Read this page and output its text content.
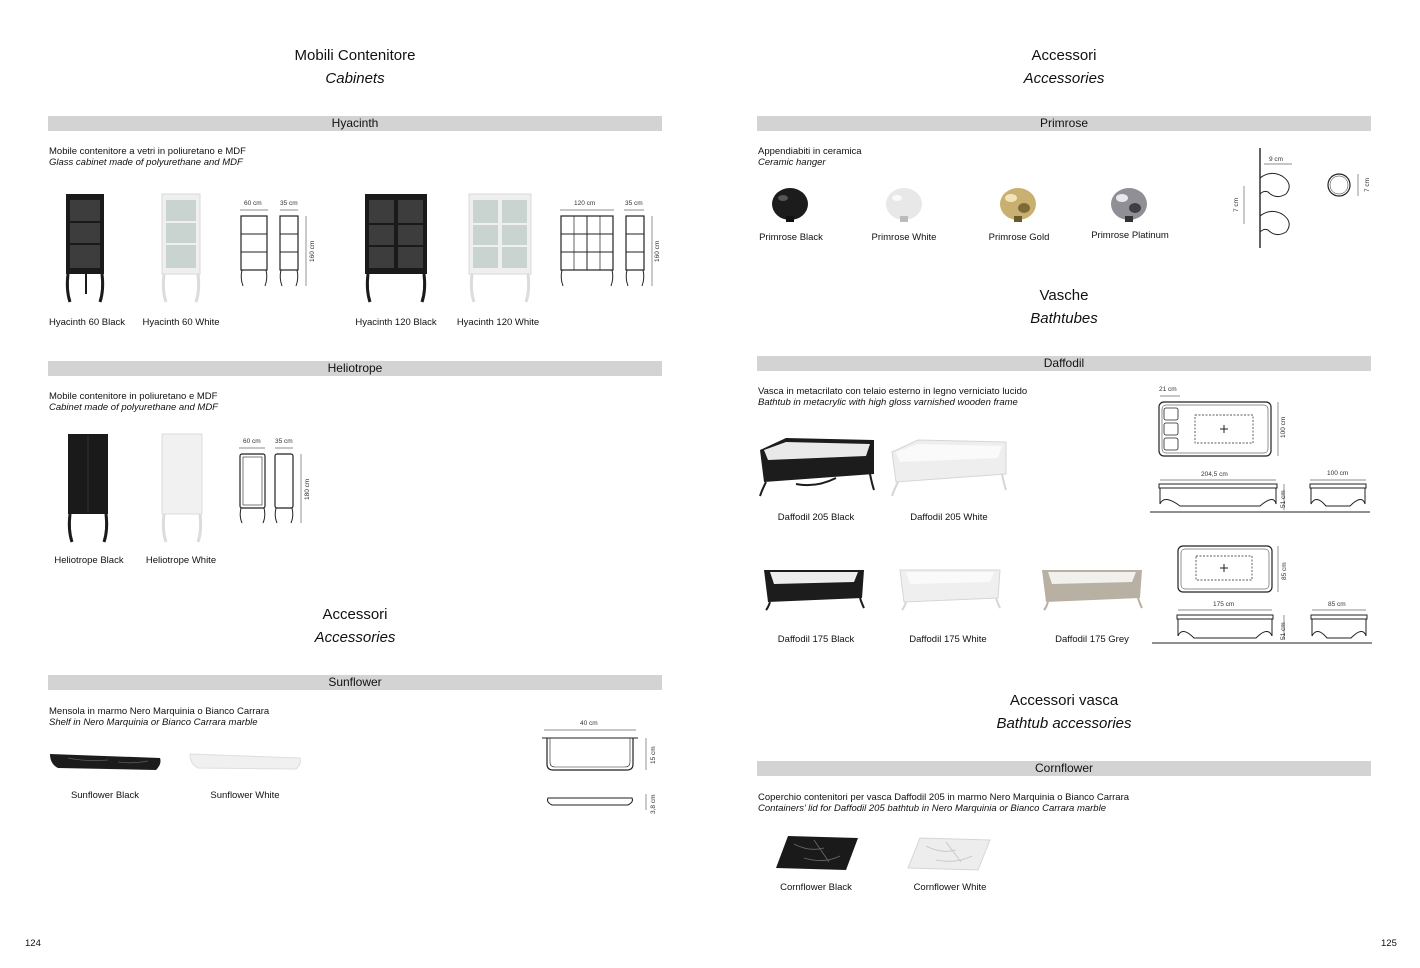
Mobili Contenitore
Cabinets
Hyacinth
Mobile contenitore a vetri in poliuretano e MDF
Glass cabinet made of polyurethane and MDF
60 cm	35 cm
160 cm
120 cm	35 cm
160 cm
Hyacinth 60 Black	Hyacinth 60 White	Hyacinth 120 Black	Hyacinth 120 White
Heliotrope
Mobile contenitore in poliuretano e MDF
Cabinet made of polyurethane and MDF
60 cm 35 cm
180 cm
Heliotrope Black	Heliotrope White
Accessori
Accessories
Sunflower
Mensola in marmo Nero Marquinia o Bianco Carrara
Shelf in Nero Marquinia or Bianco Carrara marble
Sunflower Black	Sunflower White
40 cm
15 cm
3,8 cm
124
Accessori
Accessories
Primrose
Appendiabiti in ceramica
Ceramic hanger
Primrose Black	Primrose White	Primrose Gold	Primrose Platinum
9 cm
7 cm
7 cm
Vasche
Bathtubes
Daffodil
Vasca in metacrilato con telaio esterno in legno verniciato lucido
Bathtub in metacrylic with high gloss varnished wooden frame
Daffodil 205 Black	Daffodil 205 White
21 cm
100 cm
204,5 cm	100 cm
51 cm
Daffodil 175 Black	Daffodil 175 White	Daffodil 175 Grey
85 cm
175 cm	85 cm
51 cm
Accessori vasca
Bathtub accessories
Cornflower
Coperchio contenitori per vasca Daffodil 205 in marmo Nero Marquinia o Bianco Carrara
Containers’ lid for Daffodil 205 bathtub in Nero Marquinia or Bianco Carrara marble
Cornflower Black	Cornflower White
125
